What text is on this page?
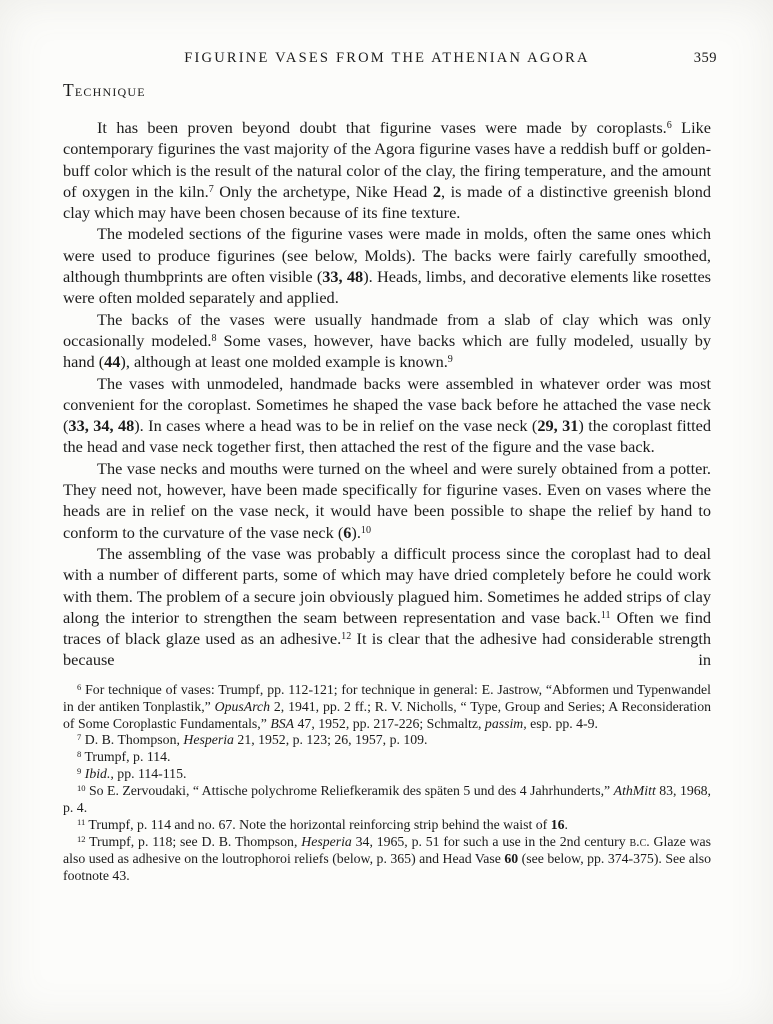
FIGURINE VASES FROM THE ATHENIAN AGORA	359
Technique

It has been proven beyond doubt that figurine vases were made by coroplasts.$^6$ Like contemporary figurines the vast majority of the Agora figurine vases have a reddish buff or golden-buff color which is the result of the natural color of the clay, the firing temperature, and the amount of oxygen in the kiln.$^7$ Only the archetype, Nike Head 2, is made of a distinctive greenish blond clay which may have been chosen because of its fine texture.

The modeled sections of the figurine vases were made in molds, often the same ones which were used to produce figurines (see below, Molds). The backs were fairly carefully smoothed, although thumbprints are often visible (33, 48). Heads, limbs, and decorative elements like rosettes were often molded separately and applied.

The backs of the vases were usually handmade from a slab of clay which was only occasionally modeled.$^8$ Some vases, however, have backs which are fully modeled, usually by hand (44), although at least one molded example is known.$^9$

The vases with unmodeled, handmade backs were assembled in whatever order was most convenient for the coroplast. Sometimes he shaped the vase back before he attached the vase neck (33, 34, 48). In cases where a head was to be in relief on the vase neck (29, 31) the coroplast fitted the head and vase neck together first, then attached the rest of the figure and the vase back.

The vase necks and mouths were turned on the wheel and were surely obtained from a potter. They need not, however, have been made specifically for figurine vases. Even on vases where the heads are in relief on the vase neck, it would have been possible to shape the relief by hand to conform to the curvature of the vase neck (6).$^{10}$

The assembling of the vase was probably a difficult process since the coroplast had to deal with a number of different parts, some of which may have dried completely before he could work with them. The problem of a secure join obviously plagued him. Sometimes he added strips of clay along the interior to strengthen the seam between representation and vase back.$^{11}$ Often we find traces of black glaze used as an adhesive.$^{12}$ It is clear that the adhesive had considerable strength because in

$^6$ For technique of vases: Trumpf, pp. 112-121; for technique in general: E. Jastrow, “Abformen und Typenwandel in der antiken Tonplastik,” OpusArch 2, 1941, pp. 2 ff.; R. V. Nicholls, “ Type, Group and Series; A Reconsideration of Some Coroplastic Fundamentals,” BSA 47, 1952, pp. 217-226; Schmaltz, passim, esp. pp. 4-9.

$^7$ D. B. Thompson, Hesperia 21, 1952, p. 123; 26, 1957, p. 109.

$^8$ Trumpf, p. 114.

$^9$ Ibid., pp. 114-115.

$^{10}$ So E. Zervoudaki, “ Attische polychrome Reliefkeramik des späten 5 und des 4 Jahrhunderts,” AthMitt 83, 1968, p. 4.

$^{11}$ Trumpf, p. 114 and no. 67. Note the horizontal reinforcing strip behind the waist of 16.

$^{12}$ Trumpf, p. 118; see D. B. Thompson, Hesperia 34, 1965, p. 51 for such a use in the 2nd century b.c. Glaze was also used as adhesive on the loutrophoroi reliefs (below, p. 365) and Head Vase 60 (see below, pp. 374-375). See also footnote 43.
